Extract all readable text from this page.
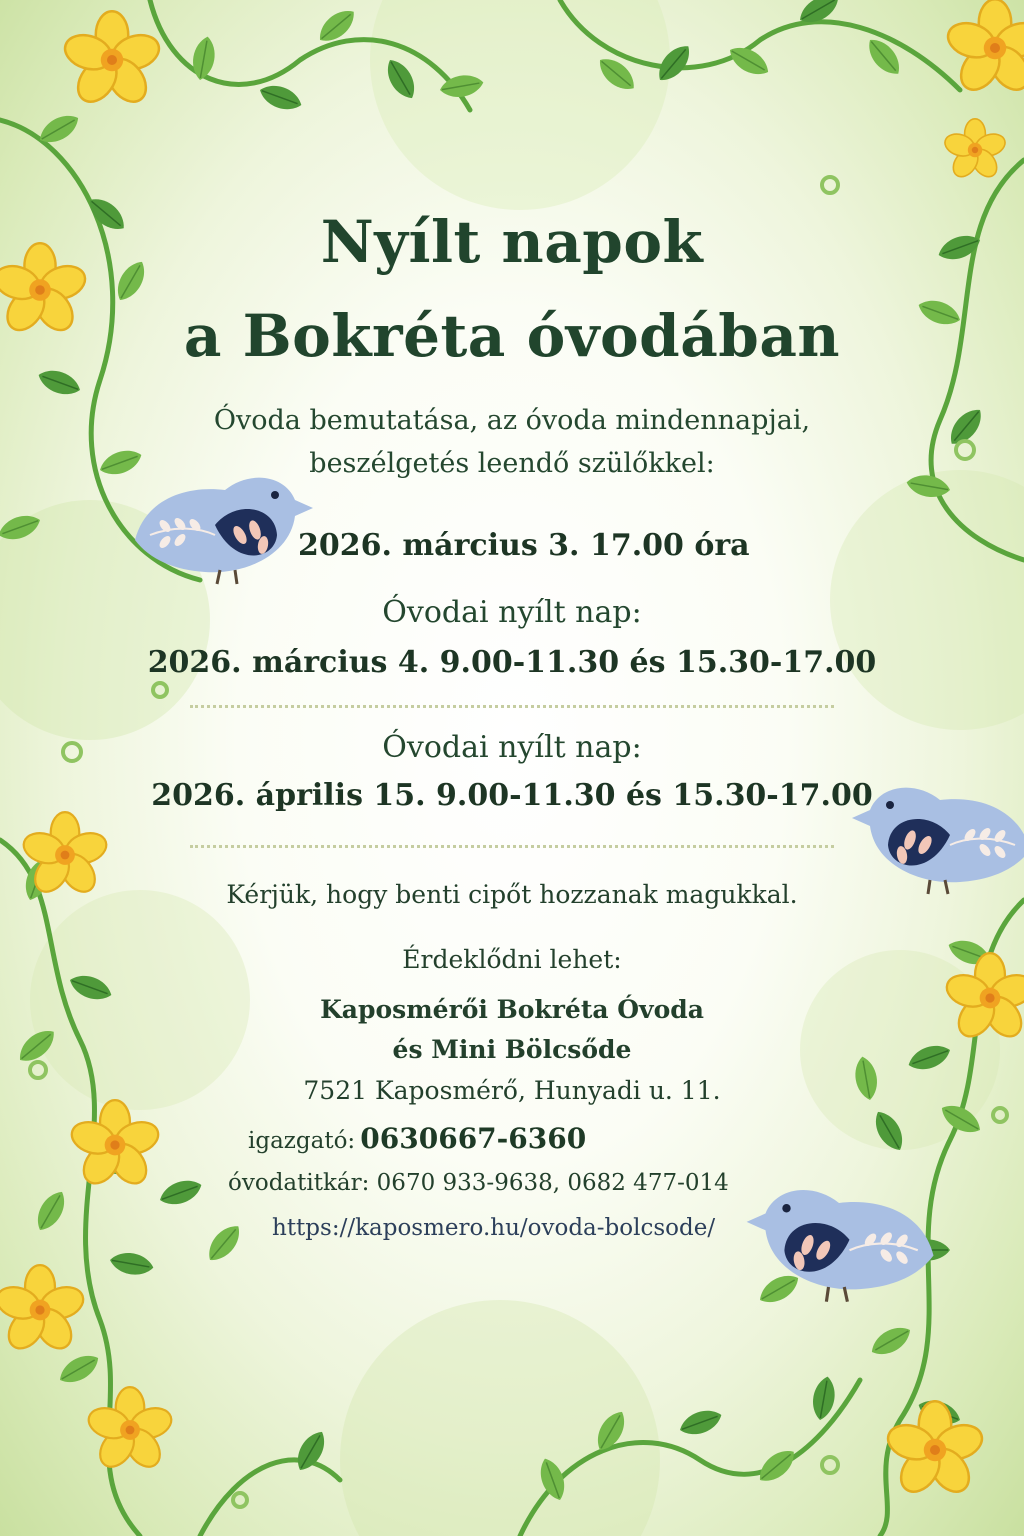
Nyílt napok
a Bokréta óvodában
Óvoda bemutatása, az óvoda mindennapjai,
beszélgetés leendő szülőkkel:
2026. március 3. 17.00 óra
Óvodai nyílt nap:
2026. március 4. 9.00-11.30 és 15.30-17.00
Óvodai nyílt nap:
2026. április 15. 9.00-11.30 és 15.30-17.00
Kérjük, hogy benti cipőt hozzanak magukkal.
Érdeklődni lehet:
Kaposmérői Bokréta Óvoda
és Mini Bölcsőde
7521 Kaposmérő, Hunyadi u. 11.
igazgató: 0630667-6360
óvodatitkár: 0670 933-9638, 0682 477-014
https://kaposmero.hu/ovoda-bolcsode/
